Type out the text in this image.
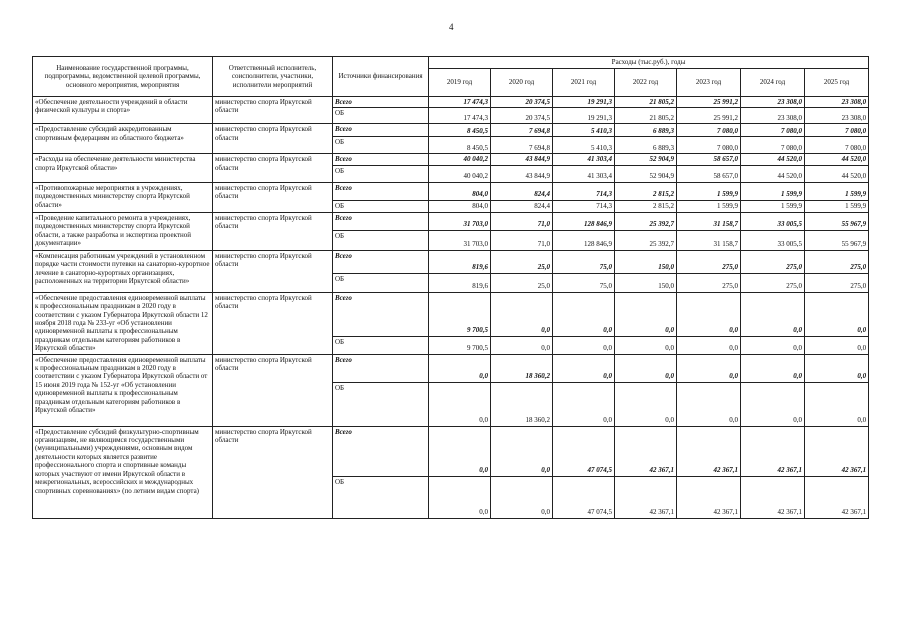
4
Наименование государственной программы, подпрограммы, ведомственной целевой программы, основного мероприятия, мероприятия	Ответственный исполнитель, соисполнители, участники, исполнители мероприятий	Источники финансирования	Расходы (тыс.руб.), годы						
			2019 год	2020 год	2021 год	2022 год	2023 год	2024 год	2025 год
«Обеспечение деятельности учреждений в области физической культуры и спорта»	министерство спорта Иркутской области	Всего	17 474,3	20 374,5	19 291,3	21 805,2	25 991,2	23 308,0	23 308,0
		ОБ	17 474,3	20 374,5	19 291,3	21 805,2	25 991,2	23 308,0	23 308,0
«Предоставление субсидий аккредитованным спортивным федерациям из областного бюджета»	министерство спорта Иркутской области	Всего	8 450,5	7 694,8	5 410,3	6 889,3	7 080,0	7 080,0	7 080,0
		ОБ	8 450,5	7 694,8	5 410,3	6 889,3	7 080,0	7 080,0	7 080,0
«Расходы на обеспечение деятельности министерства спорта Иркутской области»	министерство спорта Иркутской области	Всего	40 040,2	43 844,9	41 303,4	52 904,9	58 657,0	44 520,0	44 520,0
		ОБ	40 040,2	43 844,9	41 303,4	52 904,9	58 657,0	44 520,0	44 520,0
«Противопожарные мероприятия в учреждениях, подведомственных министерству спорта Иркутской области»	министерство спорта Иркутской области	Всего	804,0	824,4	714,3	2 815,2	1 599,9	1 599,9	1 599,9
		ОБ	804,0	824,4	714,3	2 815,2	1 599,9	1 599,9	1 599,9
«Проведение капитального ремонта в учреждениях, подведомственных министерству спорта Иркутской области, а также разработка и экспертиза проектной документации»	министерство спорта Иркутской области	Всего	31 703,0	71,0	128 846,9	25 392,7	31 158,7	33 005,5	55 967,9
		ОБ	31 703,0	71,0	128 846,9	25 392,7	31 158,7	33 005,5	55 967,9
«Компенсация работникам учреждений в установленном порядке части стоимости путевки на санаторно-курортное лечение в санаторно-курортных организациях, расположенных на территории Иркутской области»	министерство спорта Иркутской области	Всего	819,6	25,0	75,0	150,0	275,0	275,0	275,0
		ОБ	819,6	25,0	75,0	150,0	275,0	275,0	275,0
«Обеспечение предоставления единовременной выплаты к профессиональным праздникам в 2020 году в соответствии с указом Губернатора Иркутской области 12 ноября 2018 года № 233-уг «Об установлении единовременной выплаты к профессиональным праздникам отдельным категориям работников в Иркутской области»	министерство спорта Иркутской области	Всего	9 700,5	0,0	0,0	0,0	0,0	0,0	0,0
		ОБ	9 700,5	0,0	0,0	0,0	0,0	0,0	0,0
«Обеспечение предоставления единовременной выплаты к профессиональным праздникам в 2020 году в соответствии с указом Губернатора Иркутской области от 15 июня 2019 года № 152-уг «Об установлении единовременной выплаты к профессиональным праздникам отдельным категориям работников в Иркутской области»	министерство спорта Иркутской области	Всего	0,0	18 360,2	0,0	0,0	0,0	0,0	0,0
		ОБ	0,0	18 360,2	0,0	0,0	0,0	0,0	0,0
«Предоставление субсидий физкультурно-спортивным организациям, не являющимся государственными (муниципальными) учреждениями, основным видом деятельности которых является развитие профессионального спорта и спортивные команды которых участвуют от имени Иркутской области в межрегиональных, всероссийских и международных спортивных соревнованиях» (по летним видам спорта)	министерство спорта Иркутской области	Всего	0,0	0,0	47 074,5	42 367,1	42 367,1	42 367,1	42 367,1
		ОБ	0,0	0,0	47 074,5	42 367,1	42 367,1	42 367,1	42 367,1
